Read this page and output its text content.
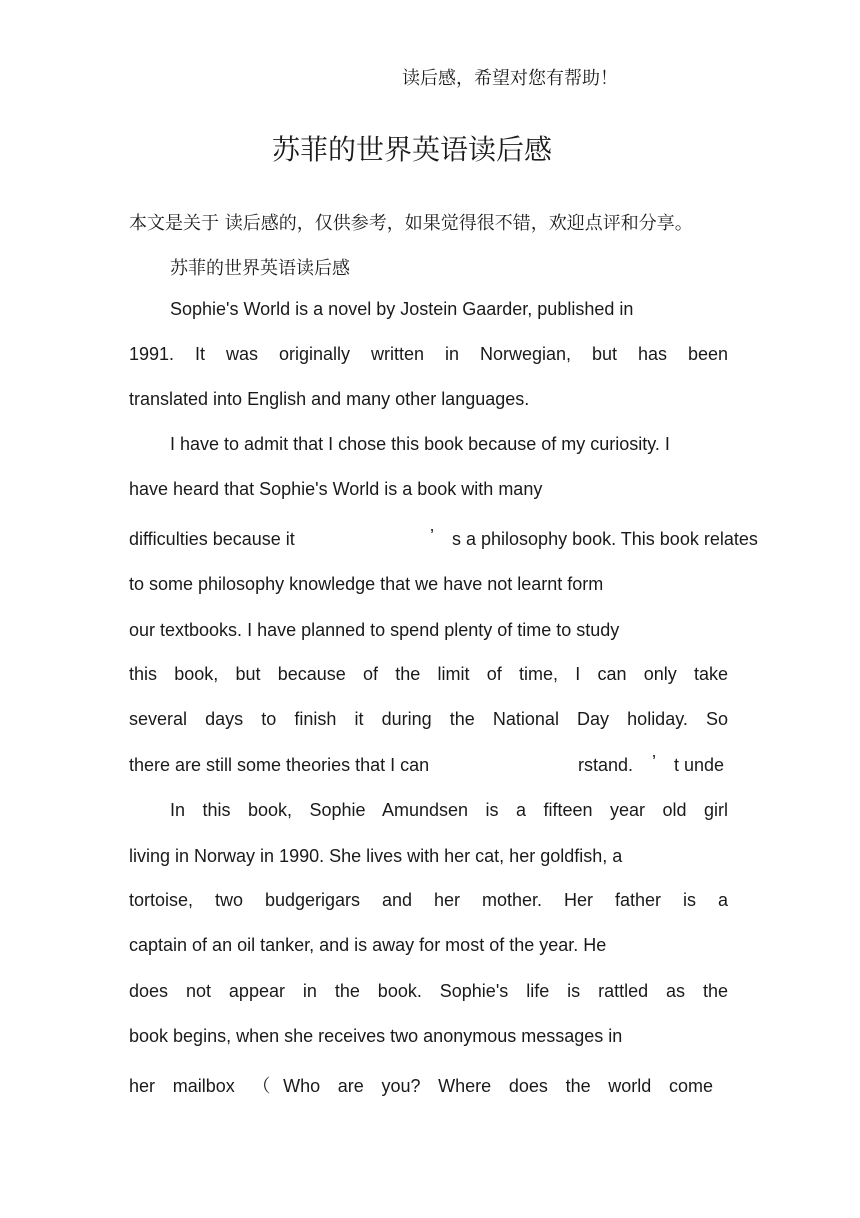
读后感，希望对您有帮助！
苏菲的世界英语读后感
本文是关于 读后感的，仅供参考，如果觉得很不错，欢迎点评和分享。
苏菲的世界英语读后感
Sophie's World is a novel by Jostein Gaarder, published in
1991. It was originally written in Norwegian, but has been
translated into English and many other languages.
I have to admit that I chose this book because of my curiosity. I
have heard that Sophie's World is a book with many
difficulties because it	’ s a philosophy book. This book relates
to some philosophy knowledge that we have not learnt form
our textbooks. I have planned to spend plenty of time to study
this book, but because of the limit of time, I can only take
several days to finish it during the National Day holiday. So
there are still some theories that I can	rstand. ’ t unde
In this book, Sophie Amundsen is a fifteen year old girl
living in Norway in 1990. She lives with her cat, her goldfish, a
tortoise, two budgerigars and her mother. Her father is a
captain of an oil tanker, and is away for most of the year. He
does not appear in the book. Sophie's life is rattled as the
book begins, when she receives two anonymous messages in
her mailbox （Who are you? Where does the world come
